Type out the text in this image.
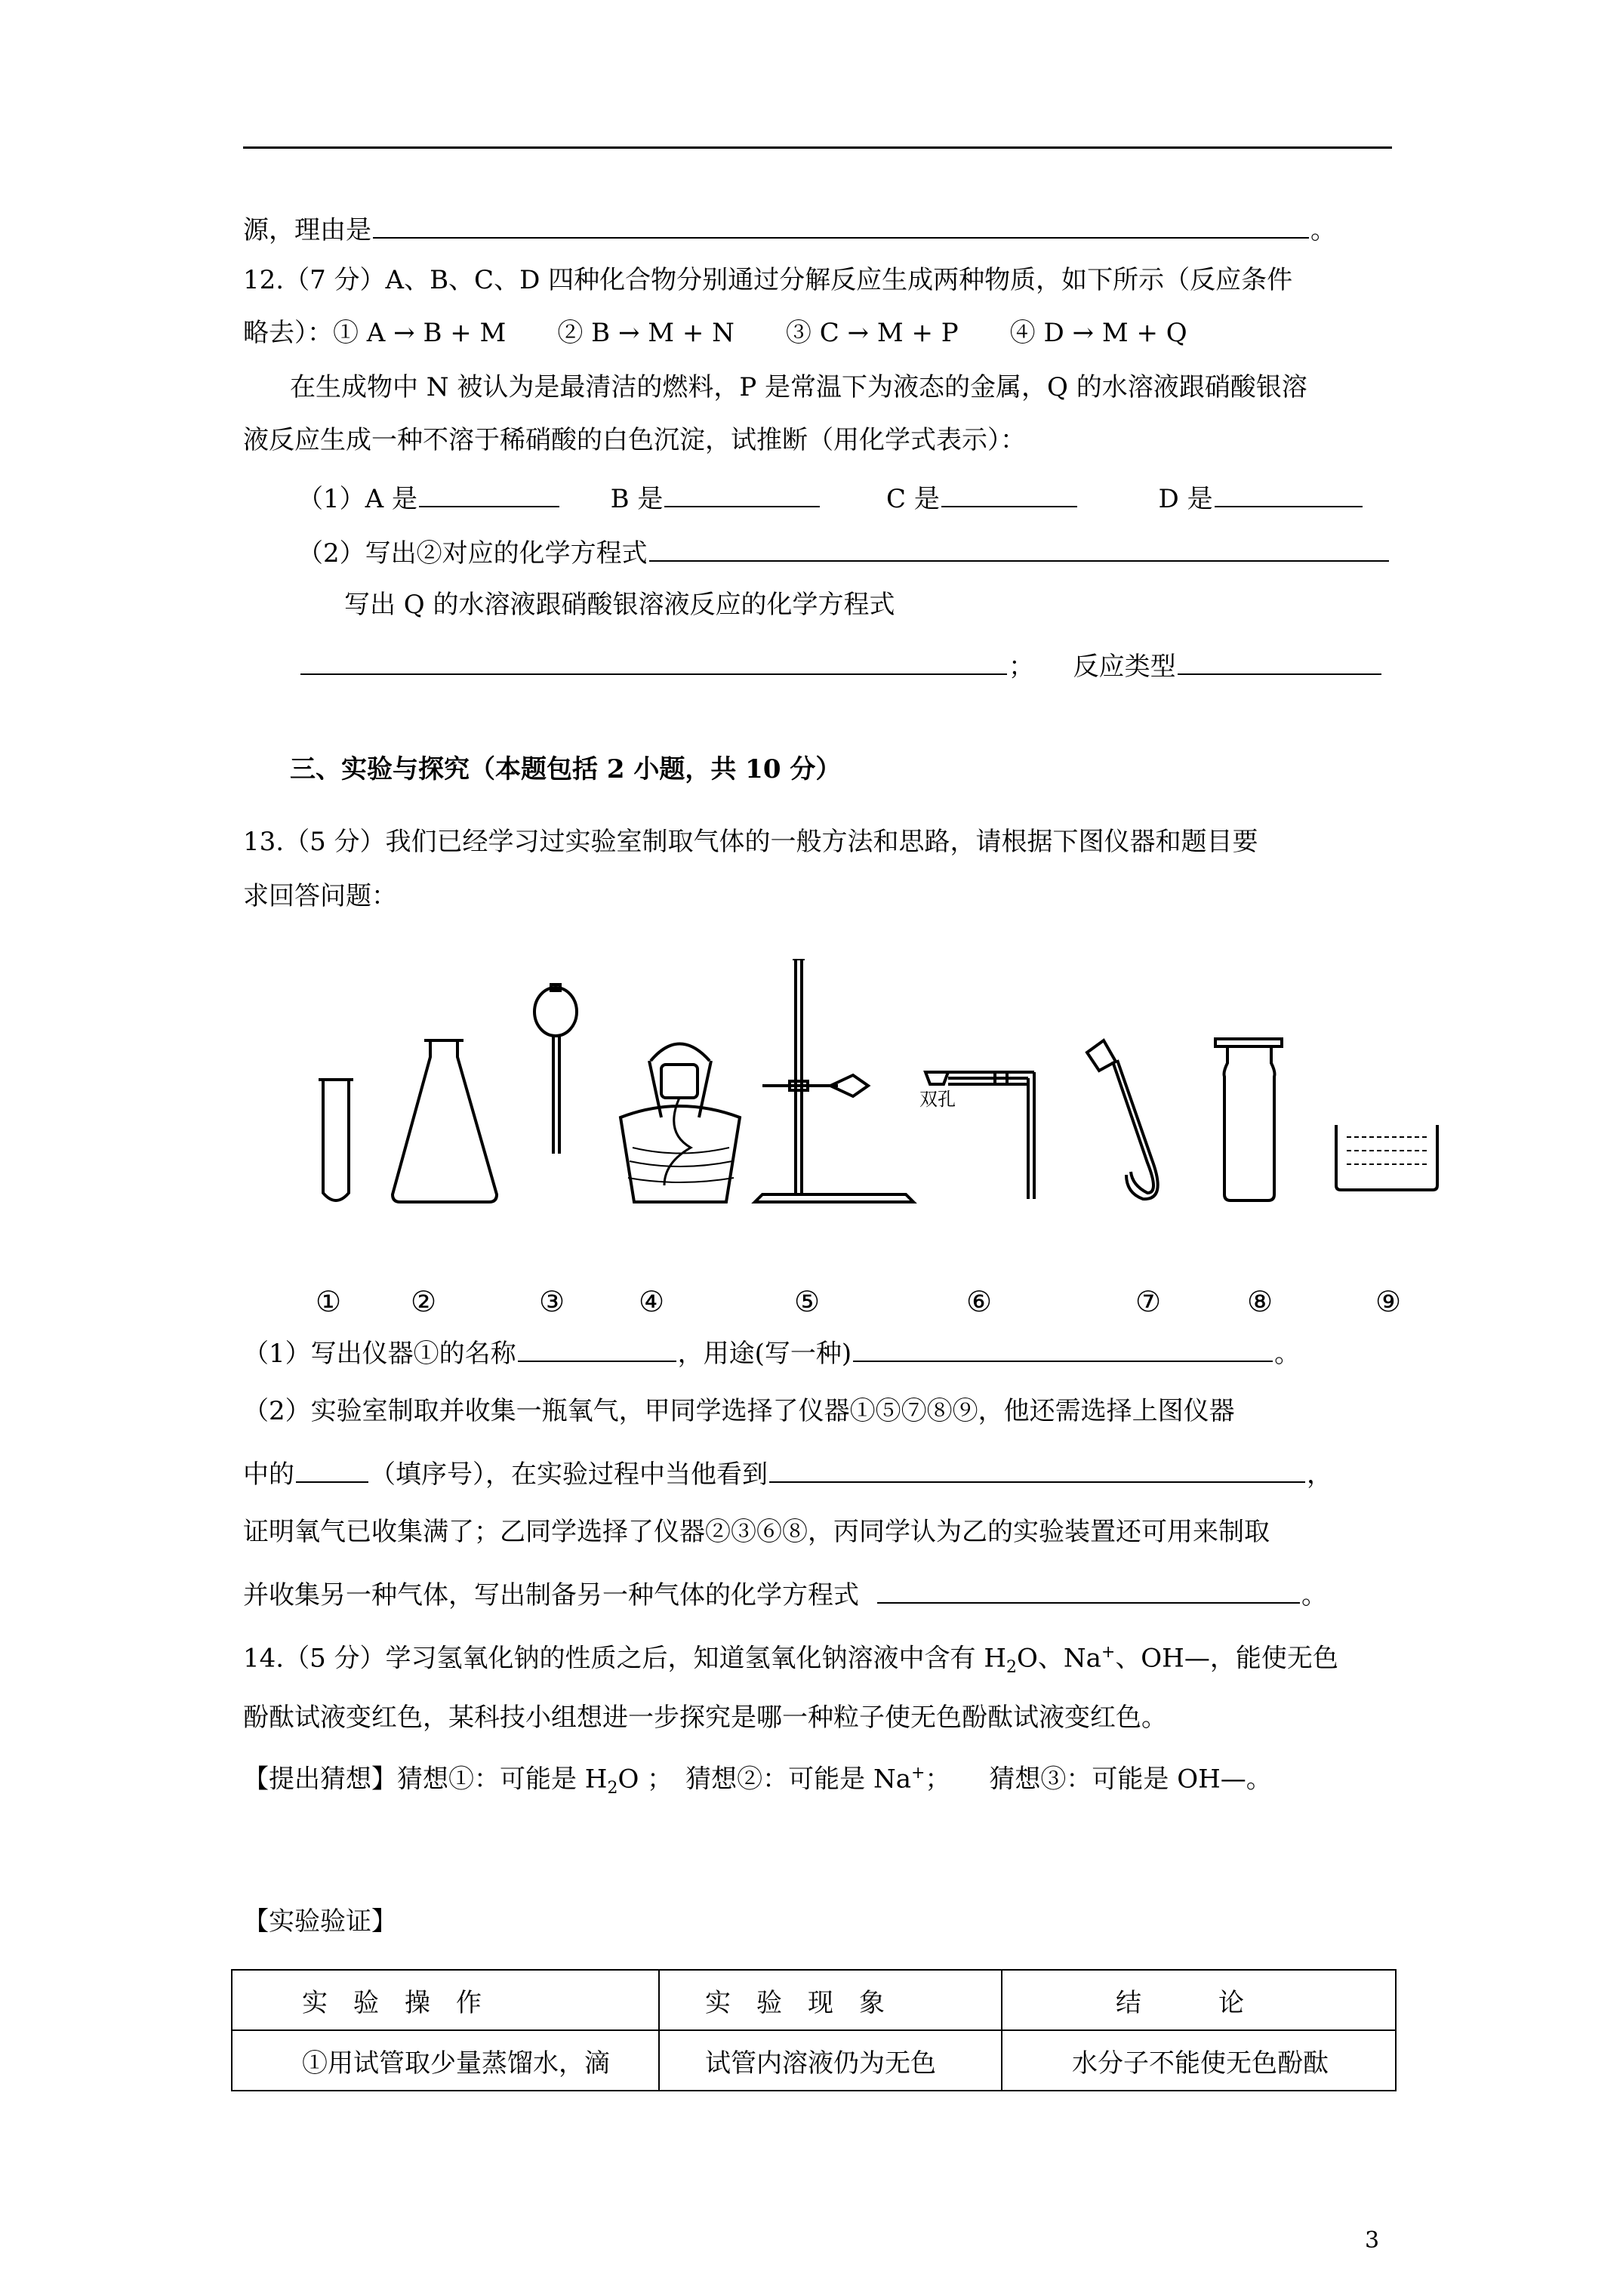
源，理由是	。
12.（7 分）A、B、C、D 四种化合物分别通过分解反应生成两种物质，如下所示（反应条件
略去）：① A → B + M　　② B → M + N　　③ C → M + P　　④ D → M + Q
在生成物中 N 被认为是最清洁的燃料，P 是常温下为液态的金属，Q 的水溶液跟硝酸银溶
液反应生成一种不溶于稀硝酸的白色沉淀，试推断（用化学式表示）：
（1）A 是	B 是	C 是	D 是
（2）写出②对应的化学方程式
写出 Q 的水溶液跟硝酸银溶液反应的化学方程式
； 反应类型
三、实验与探究（本题包括 2 小题，共 10 分）
13.（5 分）我们已经学习过实验室制取气体的一般方法和思路，请根据下图仪器和题目要
求回答问题：
双孔
① ②	③	④	⑤	⑥	⑦	⑧	⑨
（1）写出仪器①的名称	，用途(写一种)	。
（2）实验室制取并收集一瓶氧气，甲同学选择了仪器①⑤⑦⑧⑨，他还需选择上图仪器
中的	（填序号），在实验过程中当他看到	，
证明氧气已收集满了；乙同学选择了仪器②③⑥⑧，丙同学认为乙的实验装置还可用来制取
并收集另一种气体，写出制备另一种气体的化学方程式	。
14.（5 分）学习氢氧化钠的性质之后，知道氢氧化钠溶液中含有 $H_2O$、Na+、OH—，能使无色
酚酞试液变红色，某科技小组想进一步探究是哪一种粒子使无色酚酞试液变红色。
【提出猜想】猜想①：可能是 $H_2O$ ；　猜想②：可能是 Na+；　　猜想③：可能是 OH—。
【实验验证】
实　验　操　作	实　验　现　象	结　　　论
①用试管取少量蒸馏水，滴	试管内溶液仍为无色	水分子不能使无色酚酞
3
